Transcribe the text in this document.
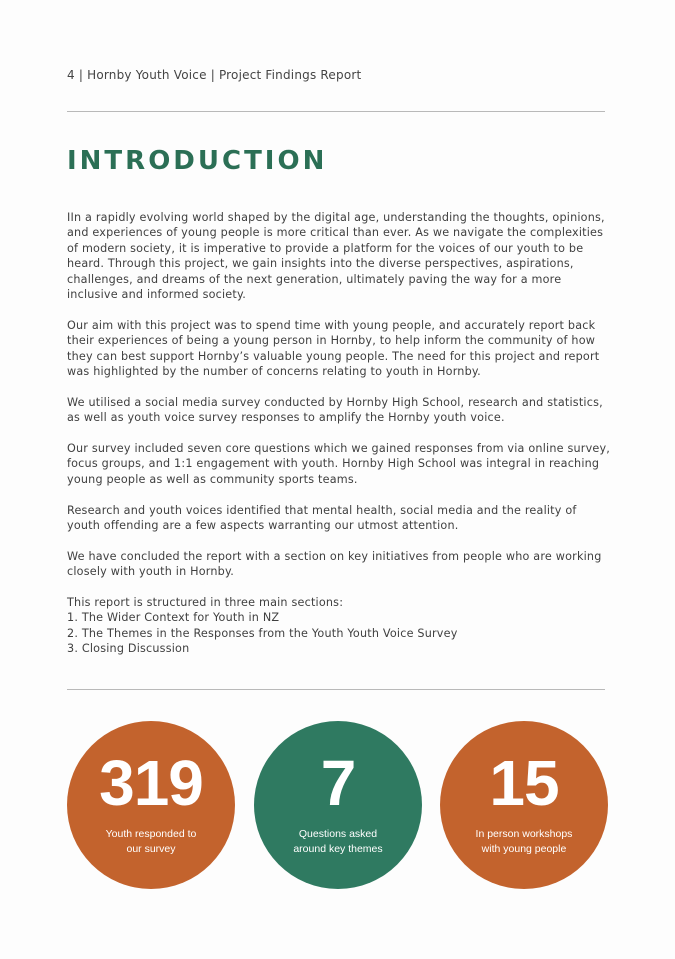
4 | Hornby Youth Voice | Project Findings Report
INTRODUCTION

IIn a rapidly evolving world shaped by the digital age, understanding the thoughts, opinions, and experiences of young people is more critical than ever. As we navigate the complexities of modern society, it is imperative to provide a platform for the voices of our youth to be heard. Through this project, we gain insights into the diverse perspectives, aspirations, challenges, and dreams of the next generation, ultimately paving the way for a more inclusive and informed society.

Our aim with this project was to spend time with young people, and accurately report back their experiences of being a young person in Hornby, to help inform the community of how they can best support Hornby’s valuable young people. The need for this project and report was highlighted by the number of concerns relating to youth in Hornby.

We utilised a social media survey conducted by Hornby High School, research and statistics, as well as youth voice survey responses to amplify the Hornby youth voice.

Our survey included seven core questions which we gained responses from via online survey, focus groups, and 1:1 engagement with youth. Hornby High School was integral in reaching young people as well as community sports teams.

Research and youth voices identified that mental health, social media and the reality of youth offending are a few aspects warranting our utmost attention.

We have concluded the report with a section on key initiatives from people who are working closely with youth in Hornby.

This report is structured in three main sections:
1. The Wider Context for Youth in NZ
2. The Themes in the Responses from the Youth Youth Voice Survey
3. Closing Discussion
319
Youth responded to
our survey
7
Questions asked
around key themes
15
In person workshops
with young people
